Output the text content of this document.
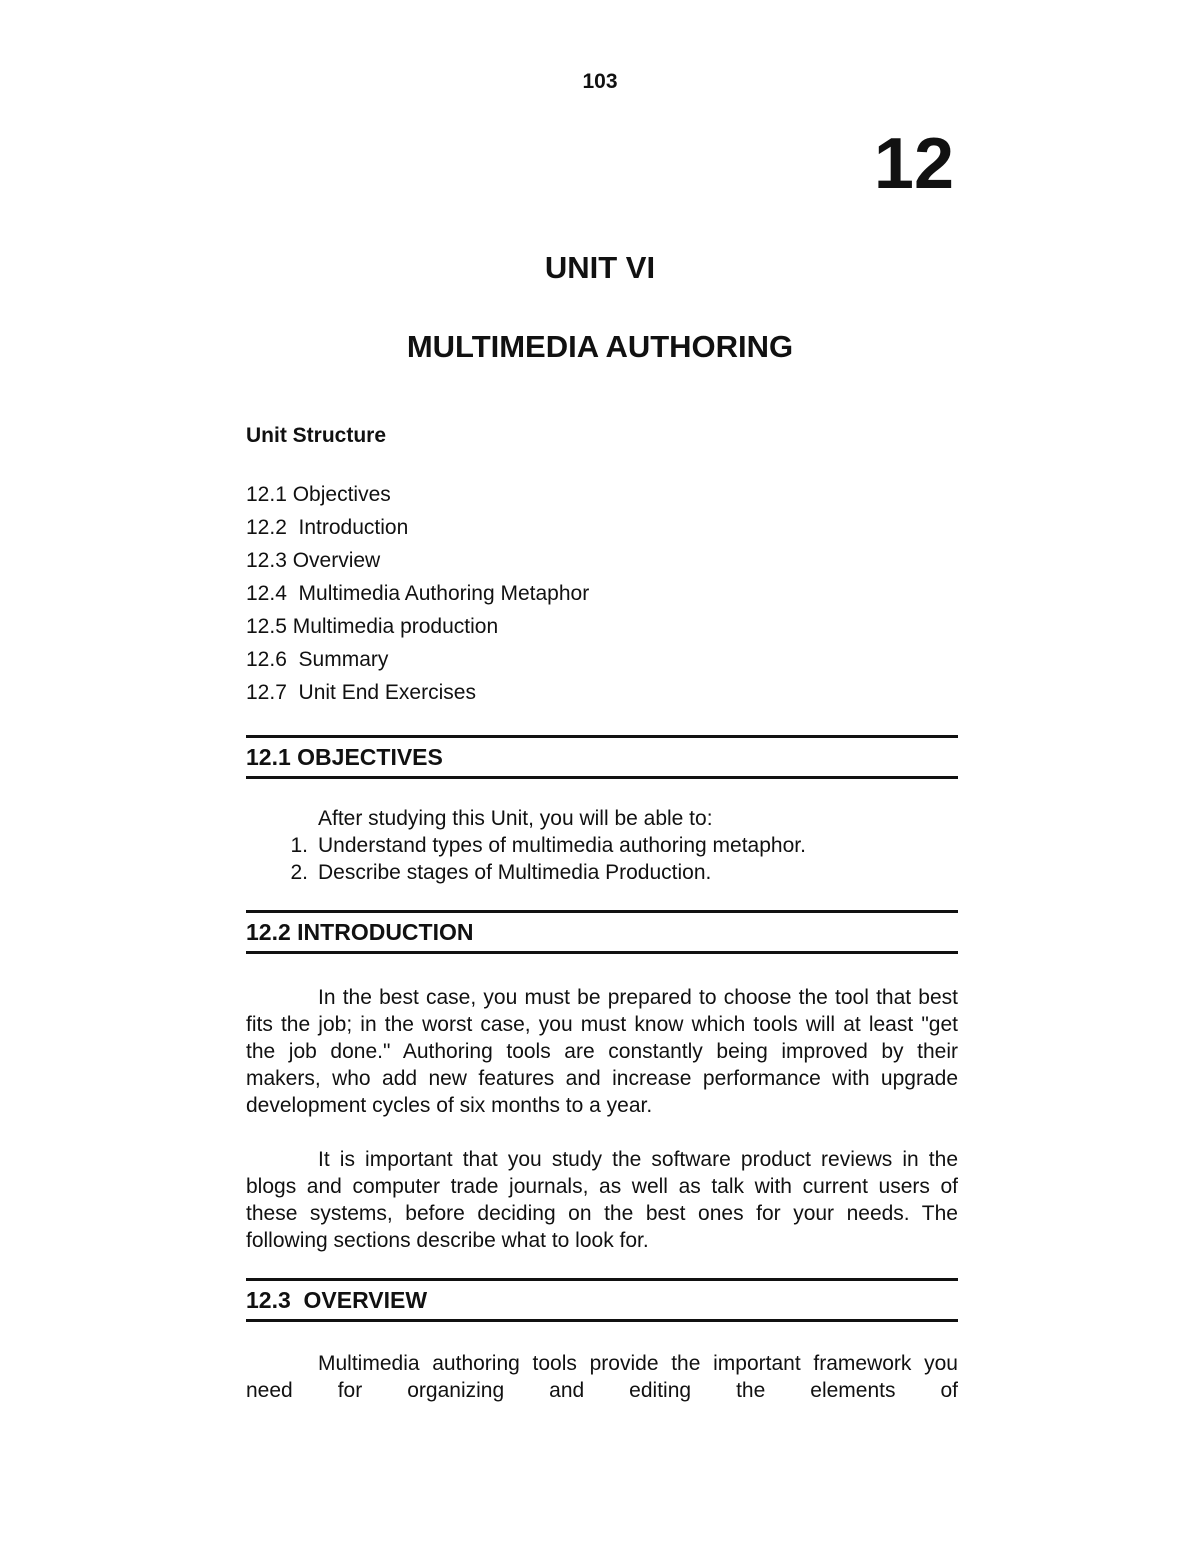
103
12
UNIT VI
MULTIMEDIA AUTHORING
Unit Structure
12.1 Objectives
12.2  Introduction
12.3 Overview
12.4  Multimedia Authoring Metaphor
12.5 Multimedia production
12.6  Summary
12.7  Unit End Exercises
12.1 OBJECTIVES

After studying this Unit, you will be able to:

1. Understand types of multimedia authoring metaphor.
2. Describe stages of Multimedia Production.
12.2 INTRODUCTION

In the best case, you must be prepared to choose the tool that best fits the job; in the worst case, you must know which tools will at least "get the job done." Authoring tools are constantly being improved by their makers, who add new features and increase performance with upgrade development cycles of six months to a year.

It is important that you study the software product reviews in the blogs and computer trade journals, as well as talk with current users of these systems, before deciding on the best ones for your needs. The following sections describe what to look for.

12.3  OVERVIEW

Multimedia authoring tools provide the important framework you need for organizing and editing the elements of
